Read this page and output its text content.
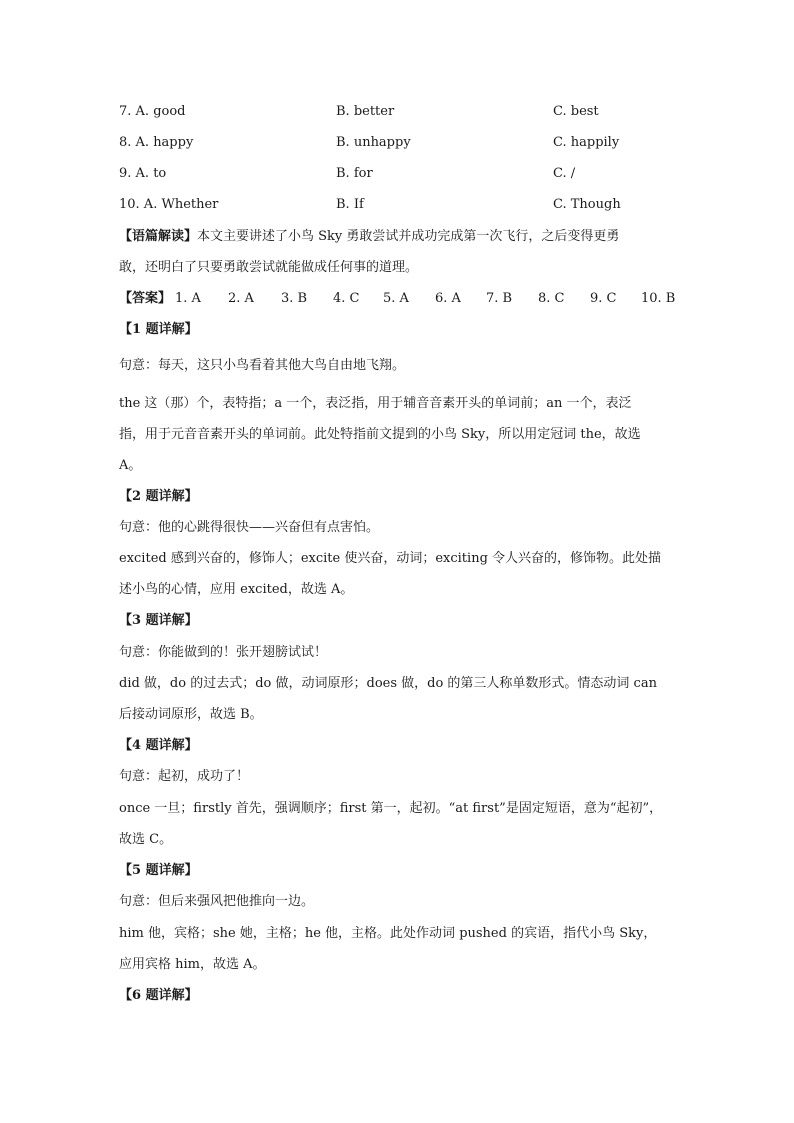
7. A. good	B. better	C. best
8. A. happy	B. unhappy	C. happily
9. A. to	B. for	C. /
10. A. Whether	B. If	C. Though
【语篇解读】本文主要讲述了小鸟 Sky 勇敢尝试并成功完成第一次飞行，之后变得更勇
敢，还明白了只要勇敢尝试就能做成任何事的道理。
【答案】 1. A 2. A 3. B 4. C 5. A 6. A 7. B 8. C 9. C 10. B
【1 题详解】
句意：每天，这只小鸟看着其他大鸟自由地飞翔。
the 这（那）个，表特指；a 一个，表泛指，用于辅音音素开头的单词前；an 一个，表泛
指，用于元音音素开头的单词前。此处特指前文提到的小鸟 Sky，所以用定冠词 the，故选
A。
【2 题详解】
句意：他的心跳得很快——兴奋但有点害怕。
excited 感到兴奋的，修饰人；excite 使兴奋，动词；exciting 令人兴奋的，修饰物。此处描
述小鸟的心情，应用 excited，故选 A。
【3 题详解】
句意：你能做到的！张开翅膀试试！
did 做，do 的过去式；do 做，动词原形；does 做，do 的第三人称单数形式。情态动词 can
后接动词原形，故选 B。
【4 题详解】
句意：起初，成功了！
once 一旦；firstly 首先，强调顺序；first 第一，起初。“at first”是固定短语，意为“起初”，
故选 C。
【5 题详解】
句意：但后来强风把他推向一边。
him 他，宾格；she 她，主格；he 他，主格。此处作动词 pushed 的宾语，指代小鸟 Sky，
应用宾格 him，故选 A。
【6 题详解】
